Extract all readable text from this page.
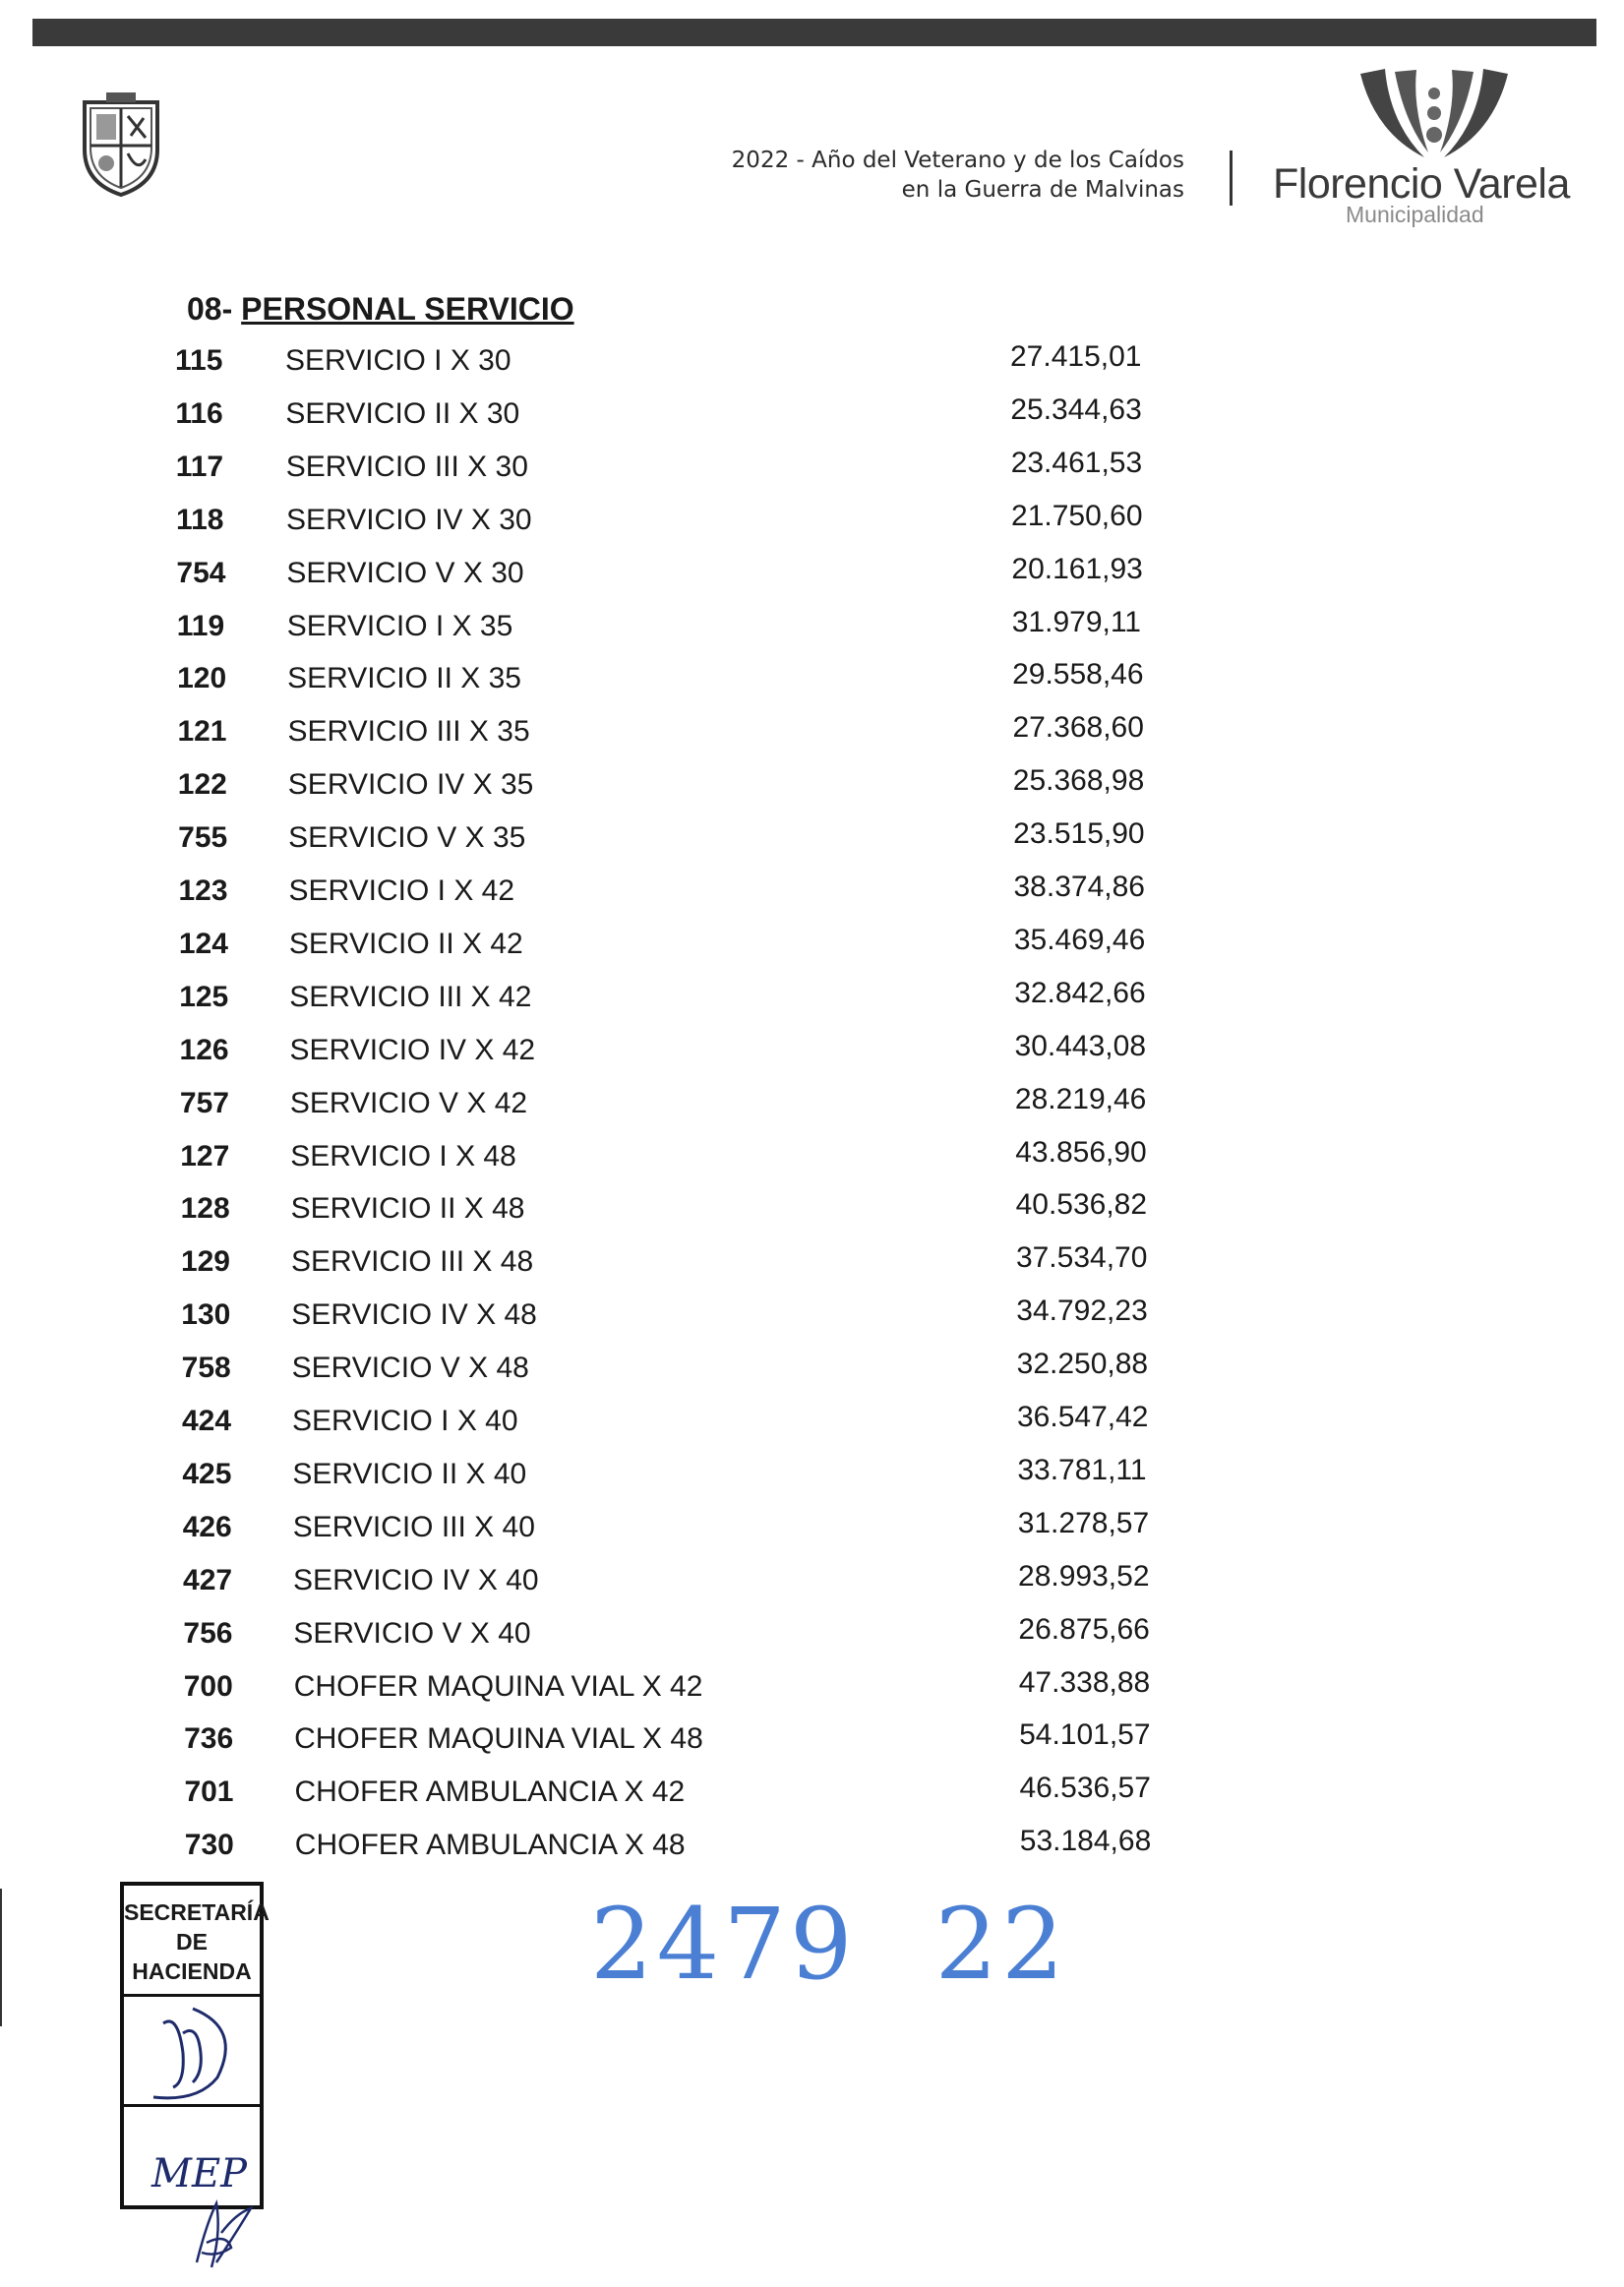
2022 - Año del Veterano y de los Caídos
en la Guerra de Malvinas Florencio Varela
Municipalidad
08- PERSONAL SERVICIO
115	SERVICIO I X 30	27.415,01
116	SERVICIO II X 30	25.344,63
117	SERVICIO III X 30	23.461,53
118	SERVICIO IV X 30	21.750,60
754	SERVICIO V X 30	20.161,93
119	SERVICIO I X 35	31.979,11
120	SERVICIO II X 35	29.558,46
121	SERVICIO III X 35	27.368,60
122	SERVICIO IV X 35	25.368,98
755	SERVICIO V X 35	23.515,90
123	SERVICIO I X 42	38.374,86
124	SERVICIO II X 42	35.469,46
125	SERVICIO III X 42	32.842,66
126	SERVICIO IV X 42	30.443,08
757	SERVICIO V X 42	28.219,46
127	SERVICIO I X 48	43.856,90
128	SERVICIO II X 48	40.536,82
129	SERVICIO III X 48	37.534,70
130	SERVICIO IV X 48	34.792,23
758	SERVICIO V X 48	32.250,88
424	SERVICIO I X 40	36.547,42
425	SERVICIO II X 40	33.781,11
426	SERVICIO III X 40	31.278,57
427	SERVICIO IV X 40	28.993,52
756	SERVICIO V X 40	26.875,66
700	CHOFER MAQUINA VIAL X 42	47.338,88
736	CHOFER MAQUINA VIAL X 48	54.101,57
701	CHOFER AMBULANCIA X 42	46.536,57
730	CHOFER AMBULANCIA X 48	53.184,68
SECRETARÍA
DE
HACIENDA
MEP
2479 22
